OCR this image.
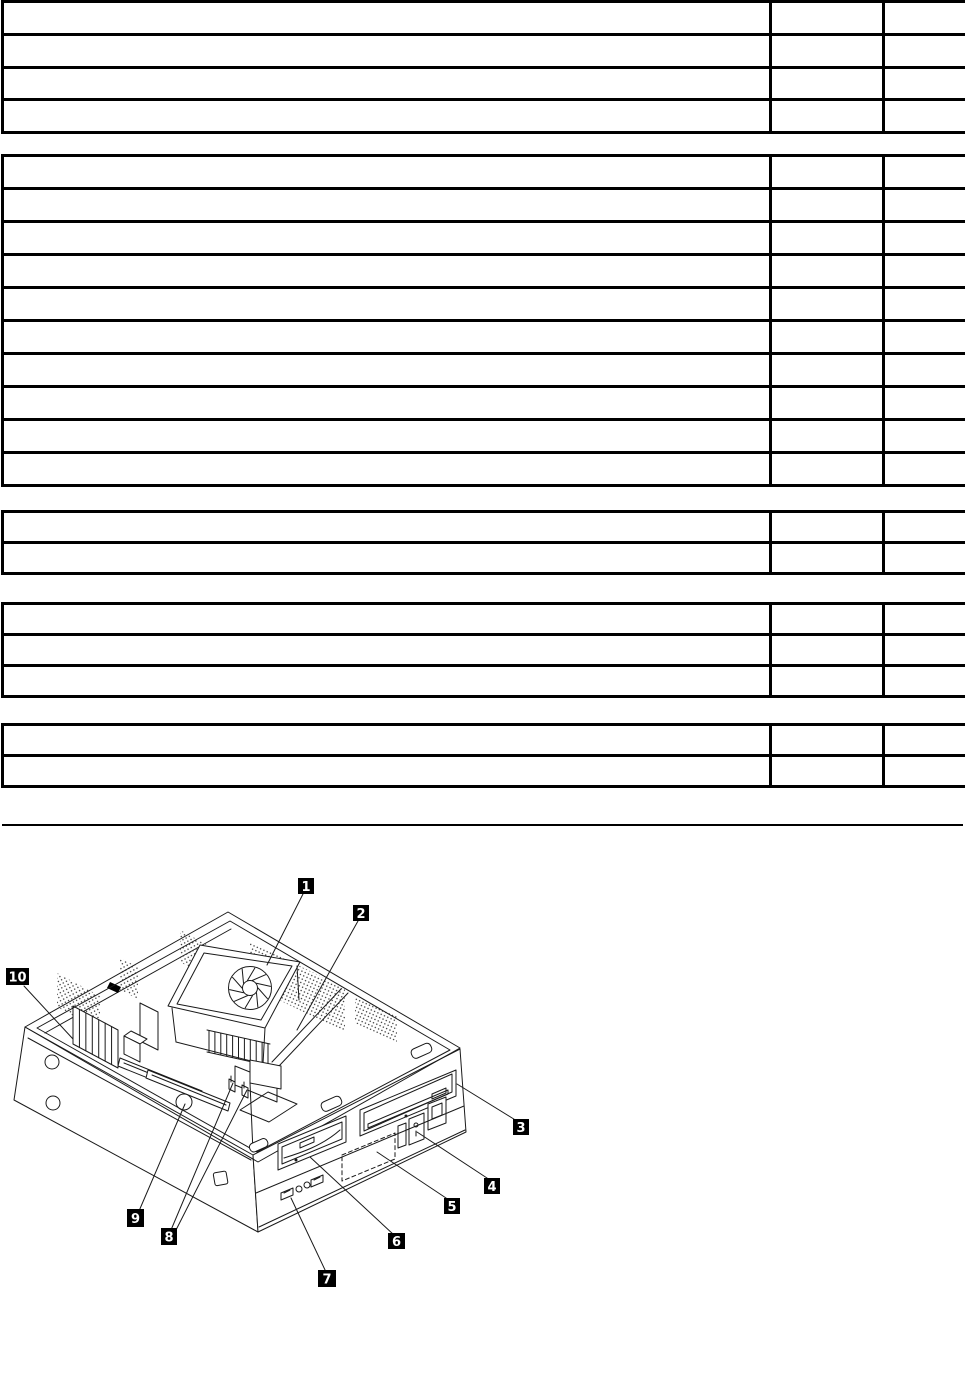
1
2
3
4
5
6
7
8
9
10
